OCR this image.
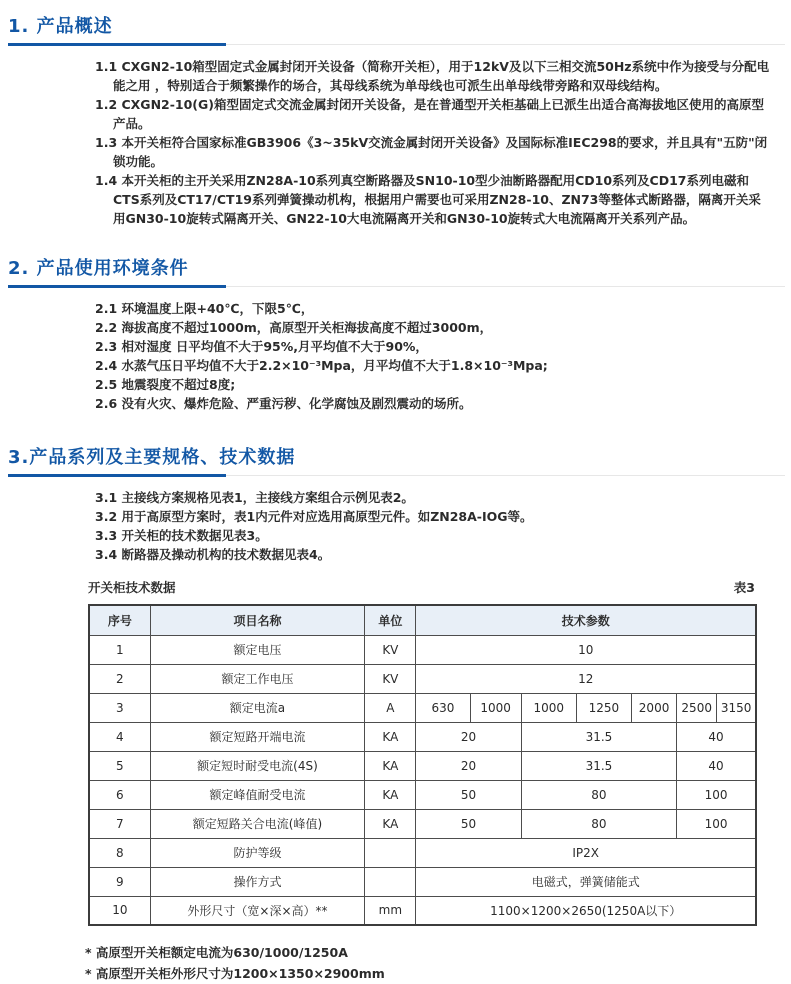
1. 产品概述
1.1 CXGN2-10箱型固定式金属封闭开关设备（简称开关柜），用于12kV及以下三相交流50Hz系统中作为接受与分配电能之用 ，特别适合于频繁操作的场合，其母线系统为单母线也可派生出单母线带旁路和双母线结构。
1.2 CXGN2-10(G)箱型固定式交流金属封闭开关设备，是在普通型开关柜基础上已派生出适合高海拔地区使用的高原型产品。
1.3 本开关柜符合国家标准GB3906《3~35kV交流金属封闭开关设备》及国际标准IEC298的要求，并且具有"五防"闭锁功能。
1.4 本开关柜的主开关采用ZN28A-10系列真空断路器及SN10-10型少油断路器配用CD10系列及CD17系列电磁和CTS系列及CT17/CT19系列弹簧操动机构，根据用户需要也可采用ZN28-10、ZN73等整体式断路器，隔离开关采用GN30-10旋转式隔离开关、GN22-10大电流隔离开关和GN30-10旋转式大电流隔离开关系列产品。
2. 产品使用环境条件
2.1 环境温度上限+40℃，下限5℃，
2.2 海拔高度不超过1000m，高原型开关柜海拔高度不超过3000m，
2.3 相对湿度 日平均值不大于95%,月平均值不大于90%，
2.4 水蒸气压日平均值不大于2.2×10⁻³Mpa，月平均值不大于1.8×10⁻³Mpa;
2.5 地震裂度不超过8度;
2.6 没有火灾、爆炸危险、严重污秽、化学腐蚀及剧烈震动的场所。
3.产品系列及主要规格、技术数据
3.1 主接线方案规格见表1，主接线方案组合示例见表2。
3.2 用于高原型方案时，表1内元件对应选用高原型元件。如ZN28A-IOG等。
3.3 开关柜的技术数据见表3。
3.4 断路器及操动机构的技术数据见表4。
开关柜技术数据	表3
序号	项目名称	单位	技术参数						
1	额定电压	KV	10						
2	额定工作电压	KV	12						
3	额定电流a	A	630	1000	1000	1250	2000	2500	3150
4	额定短路开端电流	KA	20		31.5			40	
5	额定短时耐受电流(4S)	KA	20		31.5			40	
6	额定峰值耐受电流	KA	50		80			100	
7	额定短路关合电流(峰值)	KA	50		80			100	
8	防护等级		IP2X						
9	操作方式		电磁式，弹簧储能式						
10	外形尺寸（宽×深×高）**	mm	1100×1200×2650(1250A以下）						
* 高原型开关柜额定电流为630/1000/1250A
* 高原型开关柜外形尺寸为1200×1350×2900mm
